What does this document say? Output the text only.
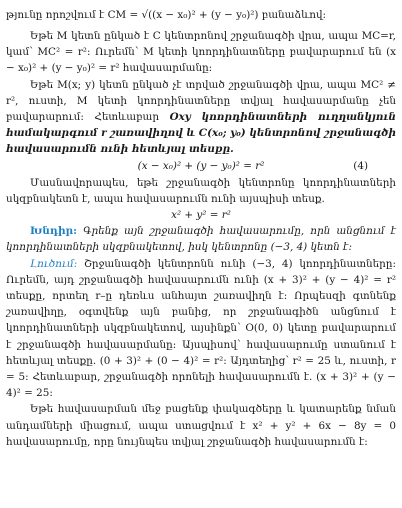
թյունը որոշվում է CM = √((x − x₀)² + (y − y₀)²) բանաձևով:

Եթե M կետն ընկած է C կենտրոնով շրջանագծի վրա, ապա MC=r, կամ՝ MC² = r²: Ուրեմն՝ M կետի կոորդինատները բավարարում են (x − x₀)² + (y − y₀)² = r² հավասարմանը:

Եթե M(x; y) կետն ընկած չէ տրված շրջանագծի վրա, ապա MC² ≠ r², ուստի, M կետի կոորդինատները տվյալ հավասարմանը չեն բավարարում: Հետևաբար Oxy կոորդինատների ուղղանկյուն համակարգում r շառավիղով և C(x₀; y₀) կենտրոնով շրջանագծի հավասարումն ունի հետևյալ տեսքը.

(x − x₀)² + (y − y₀)² = r²	(4)

Մասնավորապես, եթե շրջանագծի կենտրոնը կոորդինատների սկզբնակետն է, ապա հավասարումն ունի այսպիսի տեսք.

x² + y² = r²

Խնդիր: Գրենք այն շրջանագծի հավասարումը, որն անցնում է կոորդինատների սկզբնակետով, իսկ կենտրոնը (−3, 4) կետն է:

Լուծում: Շրջանագծի կենտրոնն ունի (−3, 4) կոորդինատները: Ուրեմն, այդ շրջանագծի հավասարումն ունի (x + 3)² + (y − 4)² = r² տեսքը, որտեղ r–ը դեռևս անհայտ շառավիղն է: Որպեսզի գտնենք շառավիղը, օգտվենք այն բանից, որ շրջանագիծն անցնում է կոորդինատների սկզբնակետով, այսինքն՝ O(0, 0) կետը բավարարում է շրջանագծի հավասարմանը: Այսպիսով՝ հավասարումը ստանում է հետևյալ տեսքը. (0 + 3)² + (0 − 4)² = r²: Այդտեղից՝ r² = 25 և, ուստի, r = 5: Հետևաբար, շրջանագծի որոնելի հավասարումն է. (x + 3)² + (y − 4)² = 25:

Եթե հավասարման մեջ բացենք փակագծերը և կատարենք նման անդամների միացում, ապա ստացվում է x² + y² + 6x − 8y = 0 հավասարումը, որը նույնպես տվյալ շրջանագծի հավասարումն է:
